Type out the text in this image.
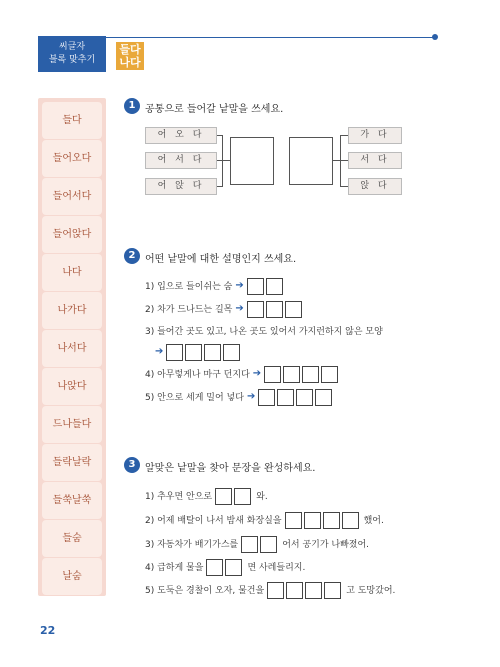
씨글자
블록 맞추기
들다
나다
들다
들어오다
들어서다
들어앉다
나다
나가다
나서다
나앉다
드나들다
들락날락
들쑥날쑥
들숨
날숨
1 공통으로 들어갈 낱말을 쓰세요.
어 오 다
어 서 다
어 앉 다
가 다
서 다
앉 다
2 어떤 낱말에 대한 설명인지 쓰세요.
1) 입으로 들이쉬는 숨 ➔
2) 차가 드나드는 길목 ➔
3) 들어간 곳도 있고, 나온 곳도 있어서 가지런하지 않은 모양
➔
4) 아무렇게나 마구 던지다 ➔
5) 안으로 세게 밀어 넣다 ➔
3 알맞은 낱말을 찾아 문장을 완성하세요.
1) 추우면 안으로	와.
2) 어제 배탈이 나서 밤새 화장실을	했어.
3) 자동차가 배기가스를	어서 공기가 나빠졌어.
4) 급하게 물을	면 사레들리지.
5) 도둑은 경찰이 오자, 물건을	고 도망갔어.
22
